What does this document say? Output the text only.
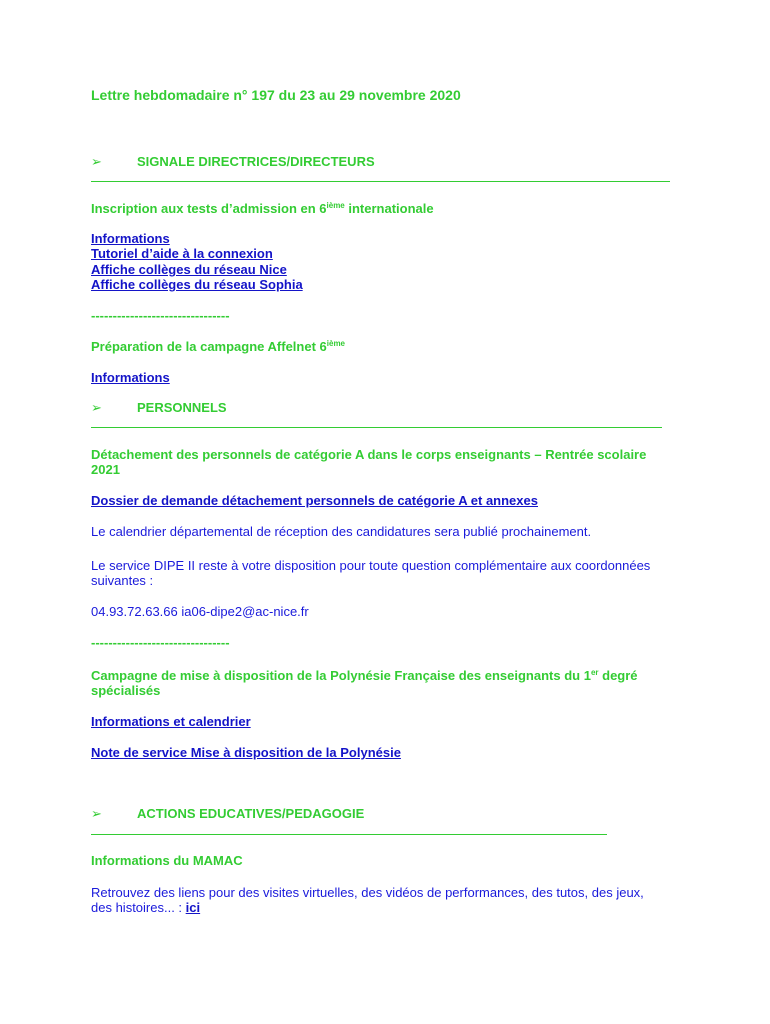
Lettre hebdomadaire n° 197 du 23 au 29 novembre 2020
➢	SIGNALE DIRECTRICES/DIRECTEURS
Inscription aux tests d’admission en 6ième internationale
Informations
Tutoriel d’aide à la connexion
Affiche collèges du réseau Nice
Affiche collèges du réseau Sophia
--------------------------------
Préparation de la campagne Affelnet 6ième
Informations
➢	PERSONNELS
Détachement des personnels de catégorie A dans le corps enseignants – Rentrée scolaire 2021
Dossier de demande détachement personnels de catégorie A et annexes
Le calendrier départemental de réception des candidatures sera publié prochainement.
Le service DIPE II reste à votre disposition pour toute question complémentaire aux coordonnées suivantes :
04.93.72.63.66 ia06-dipe2@ac-nice.fr
--------------------------------
Campagne de mise à disposition de la Polynésie Française des enseignants du 1er degré spécialisés
Informations et calendrier
Note de service Mise à disposition de la Polynésie
➢	ACTIONS EDUCATIVES/PEDAGOGIE
Informations du MAMAC
Retrouvez des liens pour des visites virtuelles, des vidéos de performances, des tutos, des jeux, des histoires... : ici
